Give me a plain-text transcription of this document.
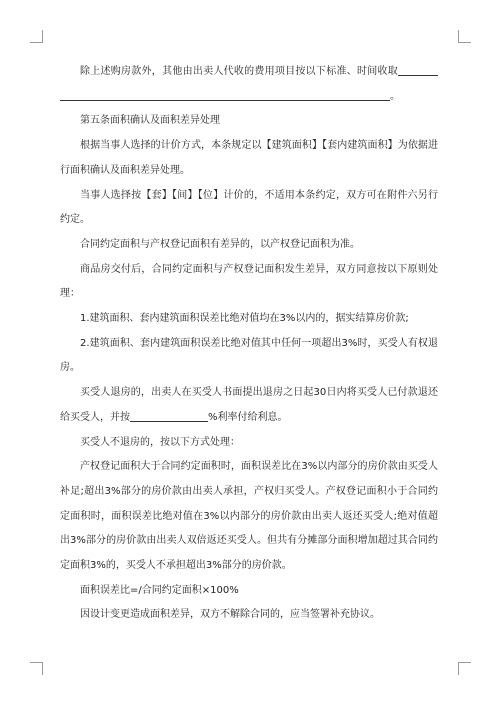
除上述购房款外，其他由出卖人代收的费用项目按以下标准、时间收取。

第五条面积确认及面积差异处理

根据当事人选择的计价方式，本条规定以【建筑面积】【套内建筑面积】为依据进行面积确认及面积差异处理。

当事人选择按【套】【间】【位】计价的，不适用本条约定，双方可在附件六另行约定。

合同约定面积与产权登记面积有差异的，以产权登记面积为准。

商品房交付后，合同约定面积与产权登记面积发生差异，双方同意按以下原则处理：

1.建筑面积、套内建筑面积误差比绝对值均在3%以内的，据实结算房价款;

2.建筑面积、套内建筑面积误差比绝对值其中任何一项超出3%时，买受人有权退房。

买受人退房的，出卖人在买受人书面提出退房之日起30日内将买受人已付款退还给买受人，并按	%利率付给利息。

买受人不退房的，按以下方式处理：

产权登记面积大于合同约定面积时，面积误差比在3%以内部分的房价款由买受人补足;超出3%部分的房价款由出卖人承担，产权归买受人。产权登记面积小于合同约定面积时，面积误差比绝对值在3%以内部分的房价款由出卖人返还买受人;绝对值超出3%部分的房价款由出卖人双倍返还买受人。但共有分摊部分面积增加超过其合同约定面积3%的，买受人不承担超出3%部分的房价款。

面积误差比=/合同约定面积×100%

因设计变更造成面积差异，双方不解除合同的，应当签署补充协议。
